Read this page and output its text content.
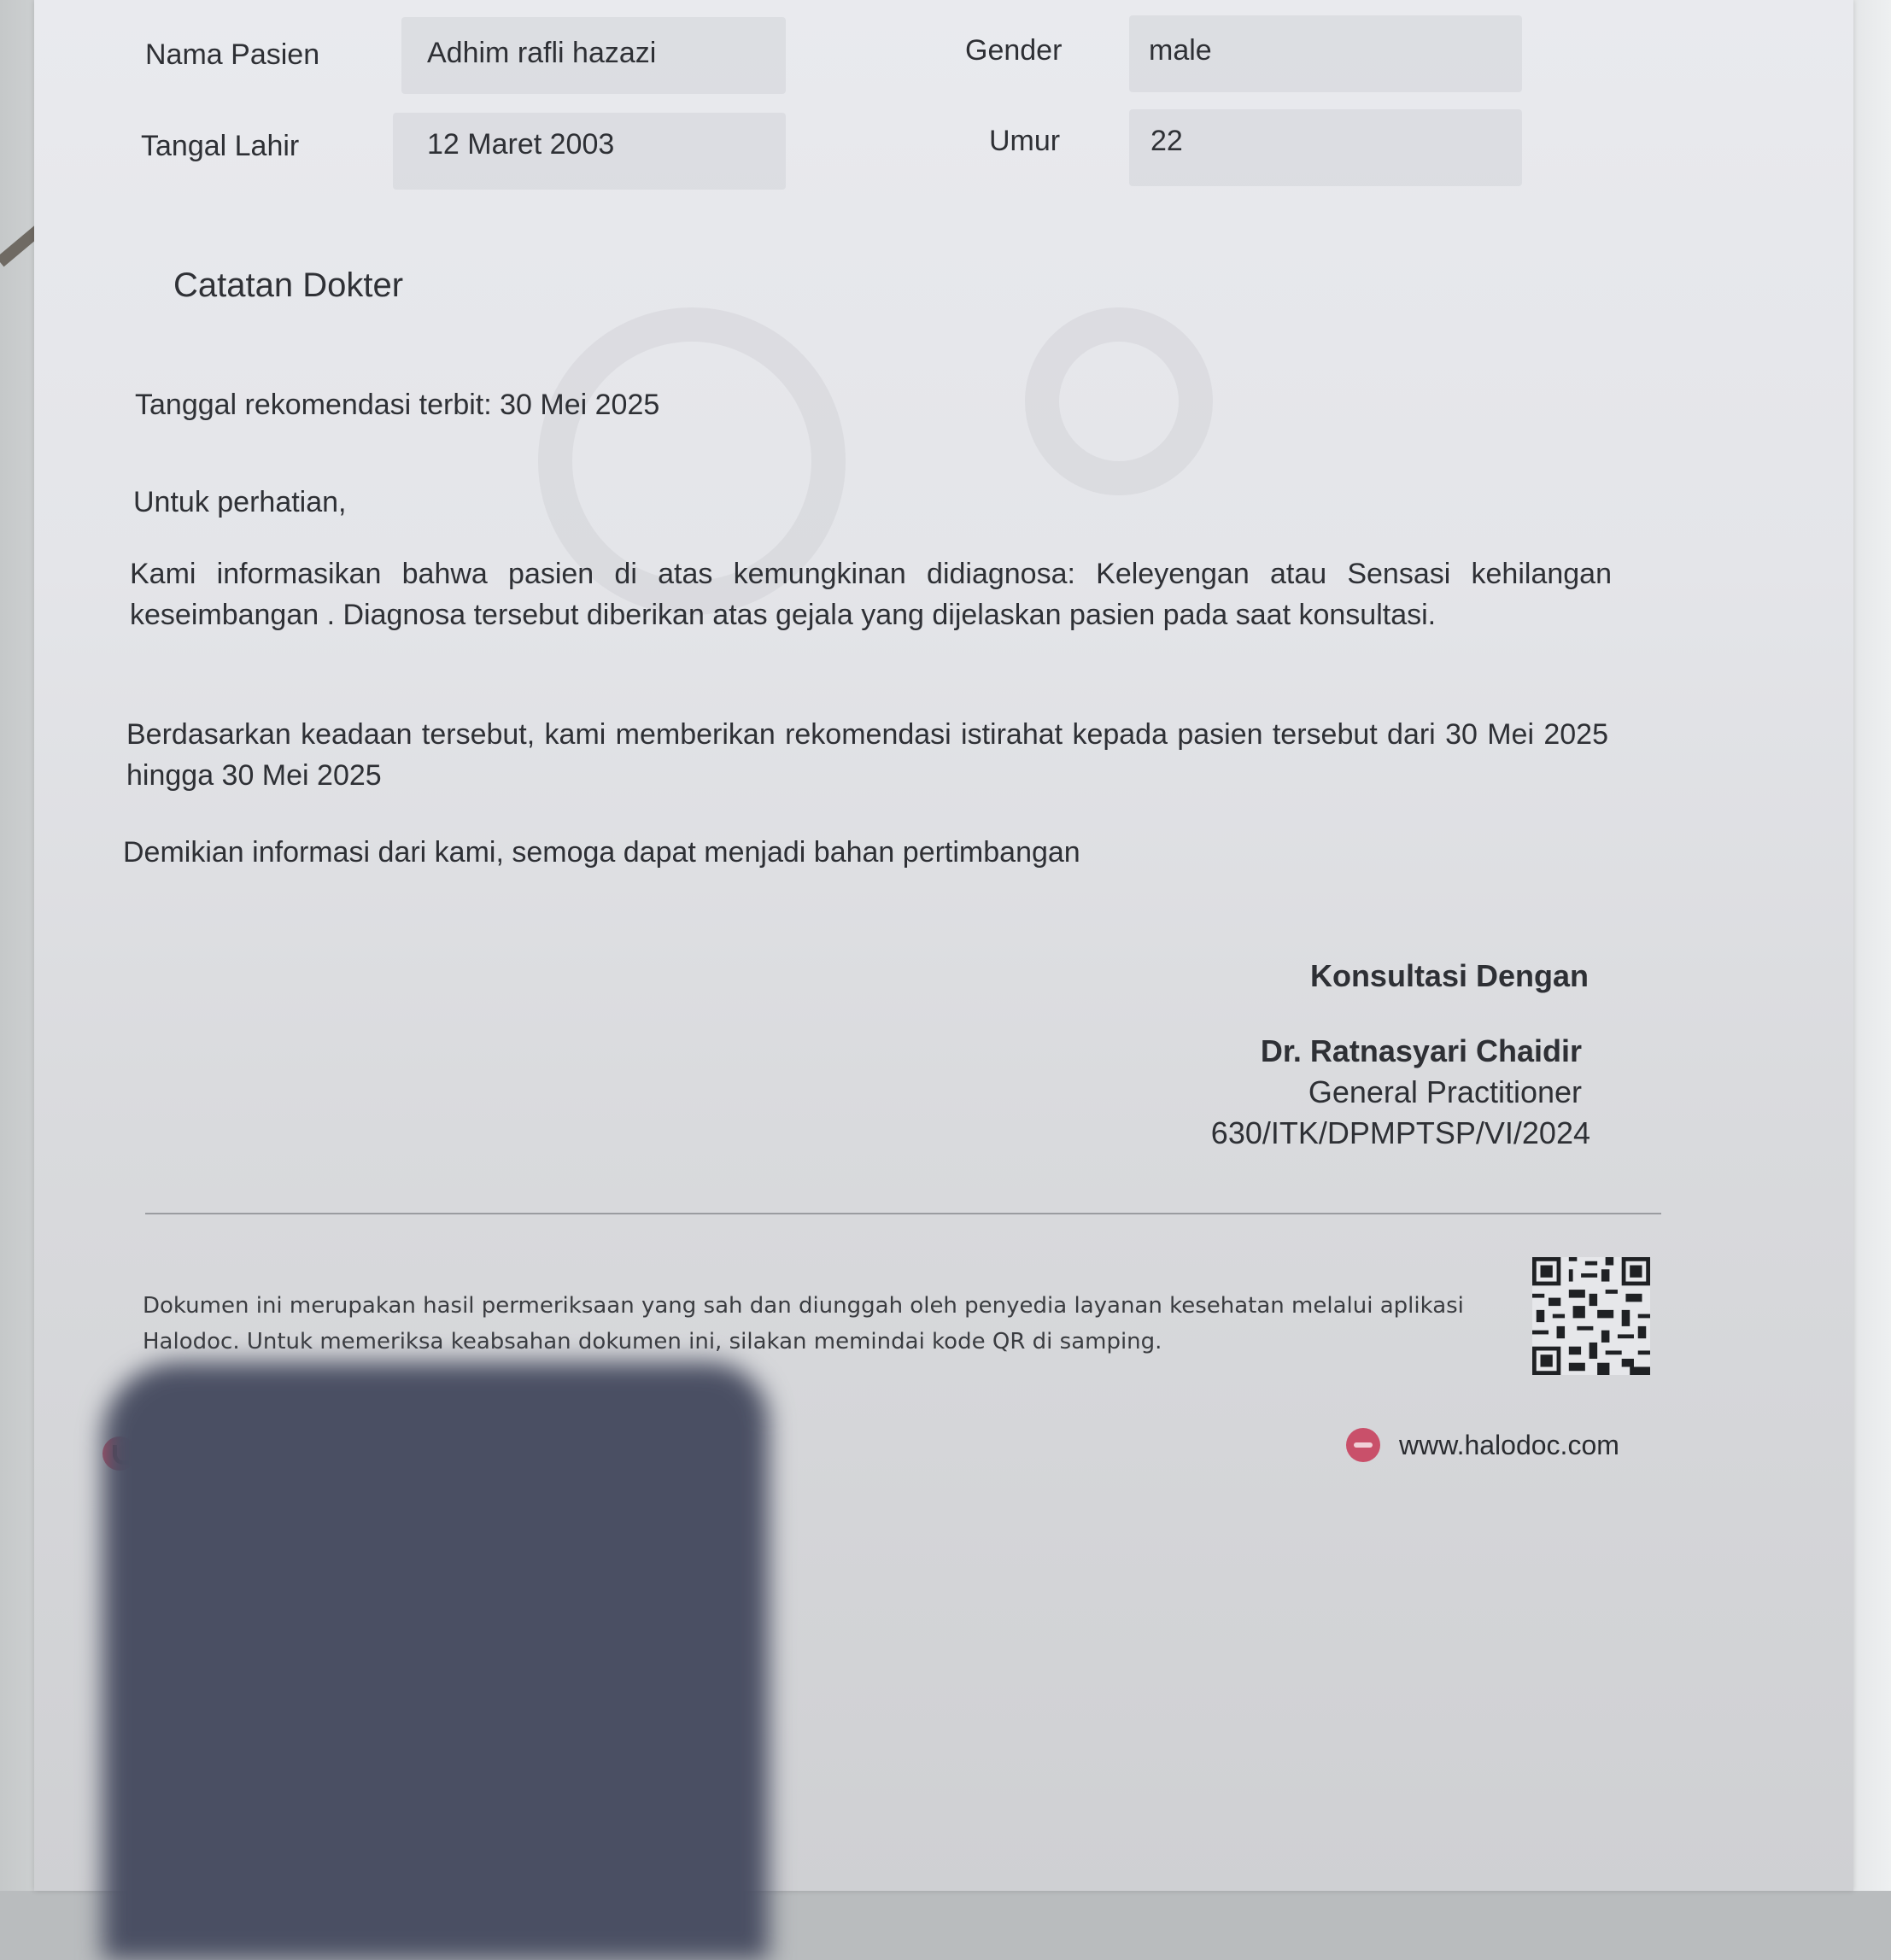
Nama Pasien	Adhim rafli hazazi	Gender	male
Tangal Lahir	12 Maret 2003	Umur	22
Catatan Dokter
Tanggal rekomendasi terbit: 30 Mei 2025
Untuk perhatian,
Kami informasikan bahwa pasien di atas kemungkinan didiagnosa: Keleyengan atau Sensasi kehilangan keseimbangan . Diagnosa tersebut diberikan atas gejala yang dijelaskan pasien pada saat konsultasi.
Berdasarkan keadaan tersebut, kami memberikan rekomendasi istirahat kepada pasien tersebut dari 30 Mei 2025 hingga 30 Mei 2025
Demikian informasi dari kami, semoga dapat menjadi bahan pertimbangan
Konsultasi Dengan
Dr. Ratnasyari Chaidir
General Practitioner
630/ITK/DPMPTSP/VI/2024
Dokumen ini merupakan hasil permeriksaan yang sah dan diunggah oleh penyedia layanan kesehatan melalui aplikasi Halodoc. Untuk memeriksa keabsahan dokumen ini, silakan memindai kode QR di samping.
www.halodoc.com
